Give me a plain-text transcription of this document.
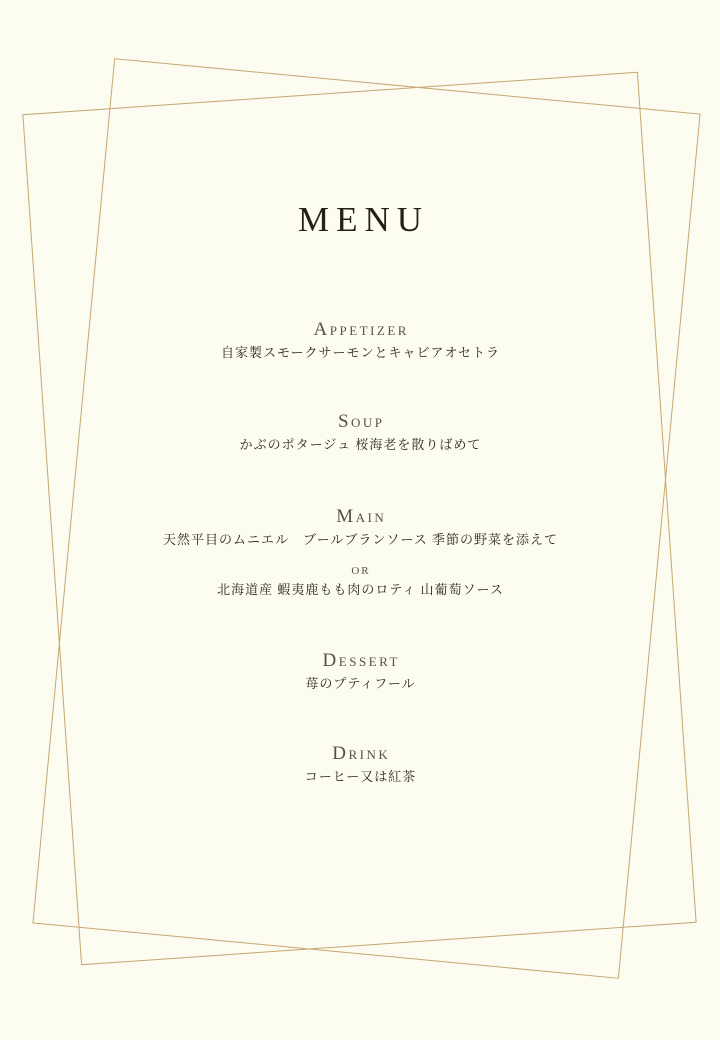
MENU
Appetizer
自家製スモークサーモンとキャビアオセトラ
Soup
かぶのポタージュ 桜海老を散りばめて
Main
天然平目のムニエル　ブールブランソース 季節の野菜を添えて
or
北海道産 蝦夷鹿もも肉のロティ 山葡萄ソース
Dessert
苺のプティフール
Drink
コーヒー又は紅茶
